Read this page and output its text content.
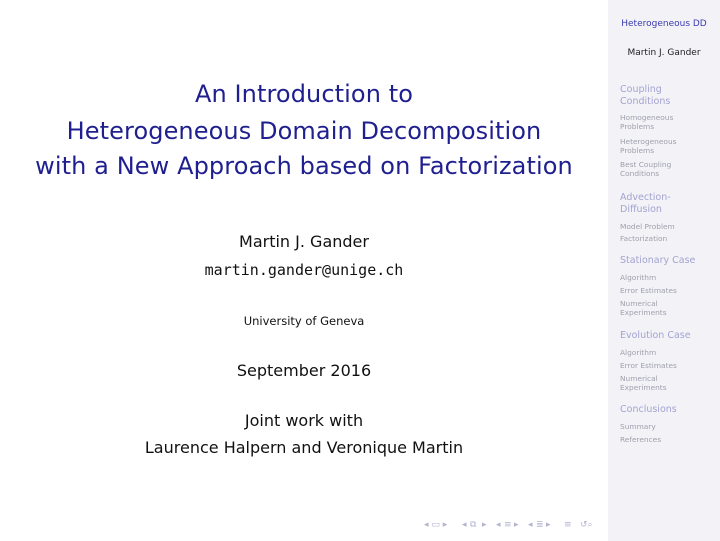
An Introduction to
Heterogeneous Domain Decomposition
with a New Approach based on Factorization
Martin J. Gander
martin.gander@unige.ch
University of Geneva
September 2016
Joint work with
Laurence Halpern and Veronique Martin
◂ ▭ ▸ ◂ ⧉ ▸ ◂ ≡ ▸ ◂ ≣ ▸ ≡ ↺⌕
Heterogeneous DD
Martin J. Gander
Coupling
Conditions
Homogeneous
Problems
Heterogeneous
Problems
Best Coupling
Conditions
Advection-
Diffusion
Model Problem
Factorization
Stationary Case
Algorithm
Error Estimates
Numerical
Experiments
Evolution Case
Algorithm
Error Estimates
Numerical
Experiments
Conclusions
Summary
References
